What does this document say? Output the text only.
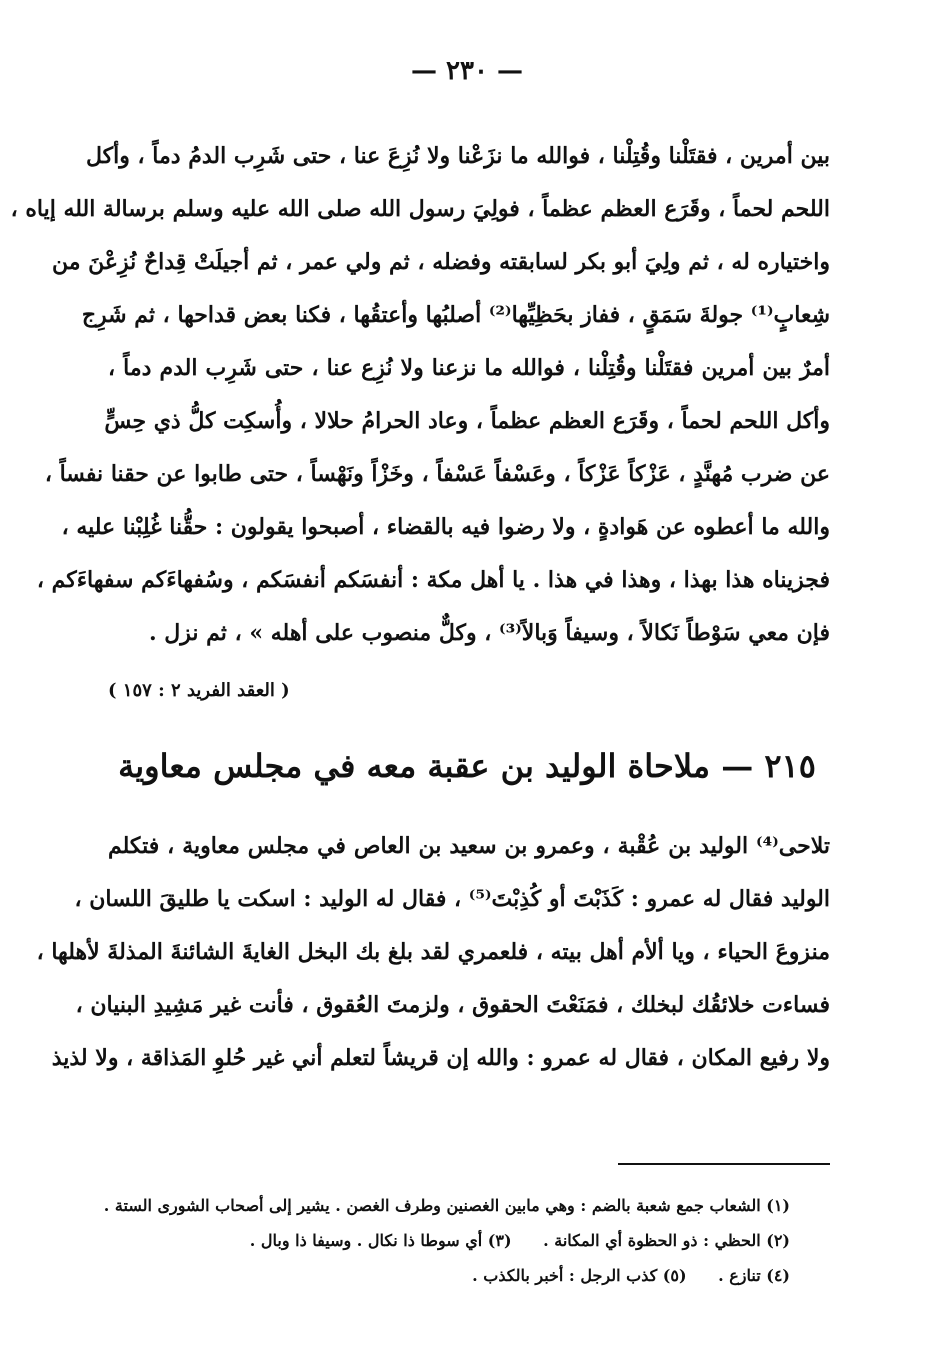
— ٢٣٠ —
بين أمرين ، فقتَلْنا وقُتِلْنا ، فوالله ما نزَعْنا ولا نُزِعَ عنا ، حتى شَرِب الدمُ دماً ، وأكل
اللحم لحماً ، وقَرَع العظم عظماً ، فولِيَ رسول الله صلى الله عليه وسلم برسالة الله إياه ،
واختياره له ، ثم ولِيَ أبو بكر لسابقته وفضله ، ثم ولي عمر ، ثم أجيلَتْ قِداحٌ نُزِعْنَ من
شِعابٍ⁽¹⁾ جولةَ سَمَقٍ ، ففاز بحَظِيِّها⁽²⁾ أصلبُها وأعتقُها ، فكنا بعض قداحها ، ثم شَرِج
أمرٌ بين أمرين فقتَلْنا وقُتِلْنا ، فوالله ما نزعنا ولا نُزِع عنا ، حتى شَرِب الدم دماً ،
وأكل اللحم لحماً ، وقَرَع العظم عظماً ، وعاد الحرامُ حلالا ، وأُسكِت كلُّ ذي حِسٍّ
عن ضرب مُهنَّدٍ ، عَزْكاً عَزْكاً ، وعَسْفاً عَسْفاً ، وخَزْاً ونَهْساً ، حتى طابوا عن حقنا نفساً ،
والله ما أعطوه عن هَوادةٍ ، ولا رضوا فيه بالقضاء ، أصبحوا يقولون : حقُّنا غُلِبْنا عليه ،
فجزيناه هذا بهذا ، وهذا في هذا . يا أهل مكة : أنفسَكم أنفسَكم ، وسُفهاءَكم سفهاءَكم ،
فإن معي سَوْطاً نَكالاً ، وسيفاً وَبالاً⁽³⁾ ، وكلٌّ منصوب على أهله » ، ثم نزل .
( العقد الفريد ٢ : ١٥٧ )
٢١٥ — ملاحاة الوليد بن عقبة معه في مجلس معاوية
تلاحى⁽⁴⁾ الوليد بن عُقْبة ، وعمرو بن سعيد بن العاص في مجلس معاوية ، فتكلم
الوليد فقال له عمرو : كَذَبْتَ أو كُذِبْتَ⁽⁵⁾ ، فقال له الوليد : اسكت يا طليقَ اللسان ،
منزوعَ الحياء ، ويا ألأم أهل بيته ، فلعمري لقد بلغ بك البخل الغايةَ الشائنةَ المذلةَ لأهلها ،
فساءت خلائقُك لبخلك ، فمَنَعْتَ الحقوق ، ولزمتَ العُقوق ، فأنت غير مَشِيدِ البنيان ،
ولا رفيع المكان ، فقال له عمرو : والله إن قريشاً لتعلم أني غير حُلوِ المَذاقة ، ولا لذيذ
(١) الشعاب جمع شعبة بالضم : وهي مابين الغصنين وطرف الغصن . يشير إلى أصحاب الشورى الستة .
(٢) الحظي : ذو الحظوة أي المكانة . (٣) أي سوطا ذا نكال . وسيفا ذا وبال .
(٤) تنازع . (٥) كذب الرجل : أخبر بالكذب .
